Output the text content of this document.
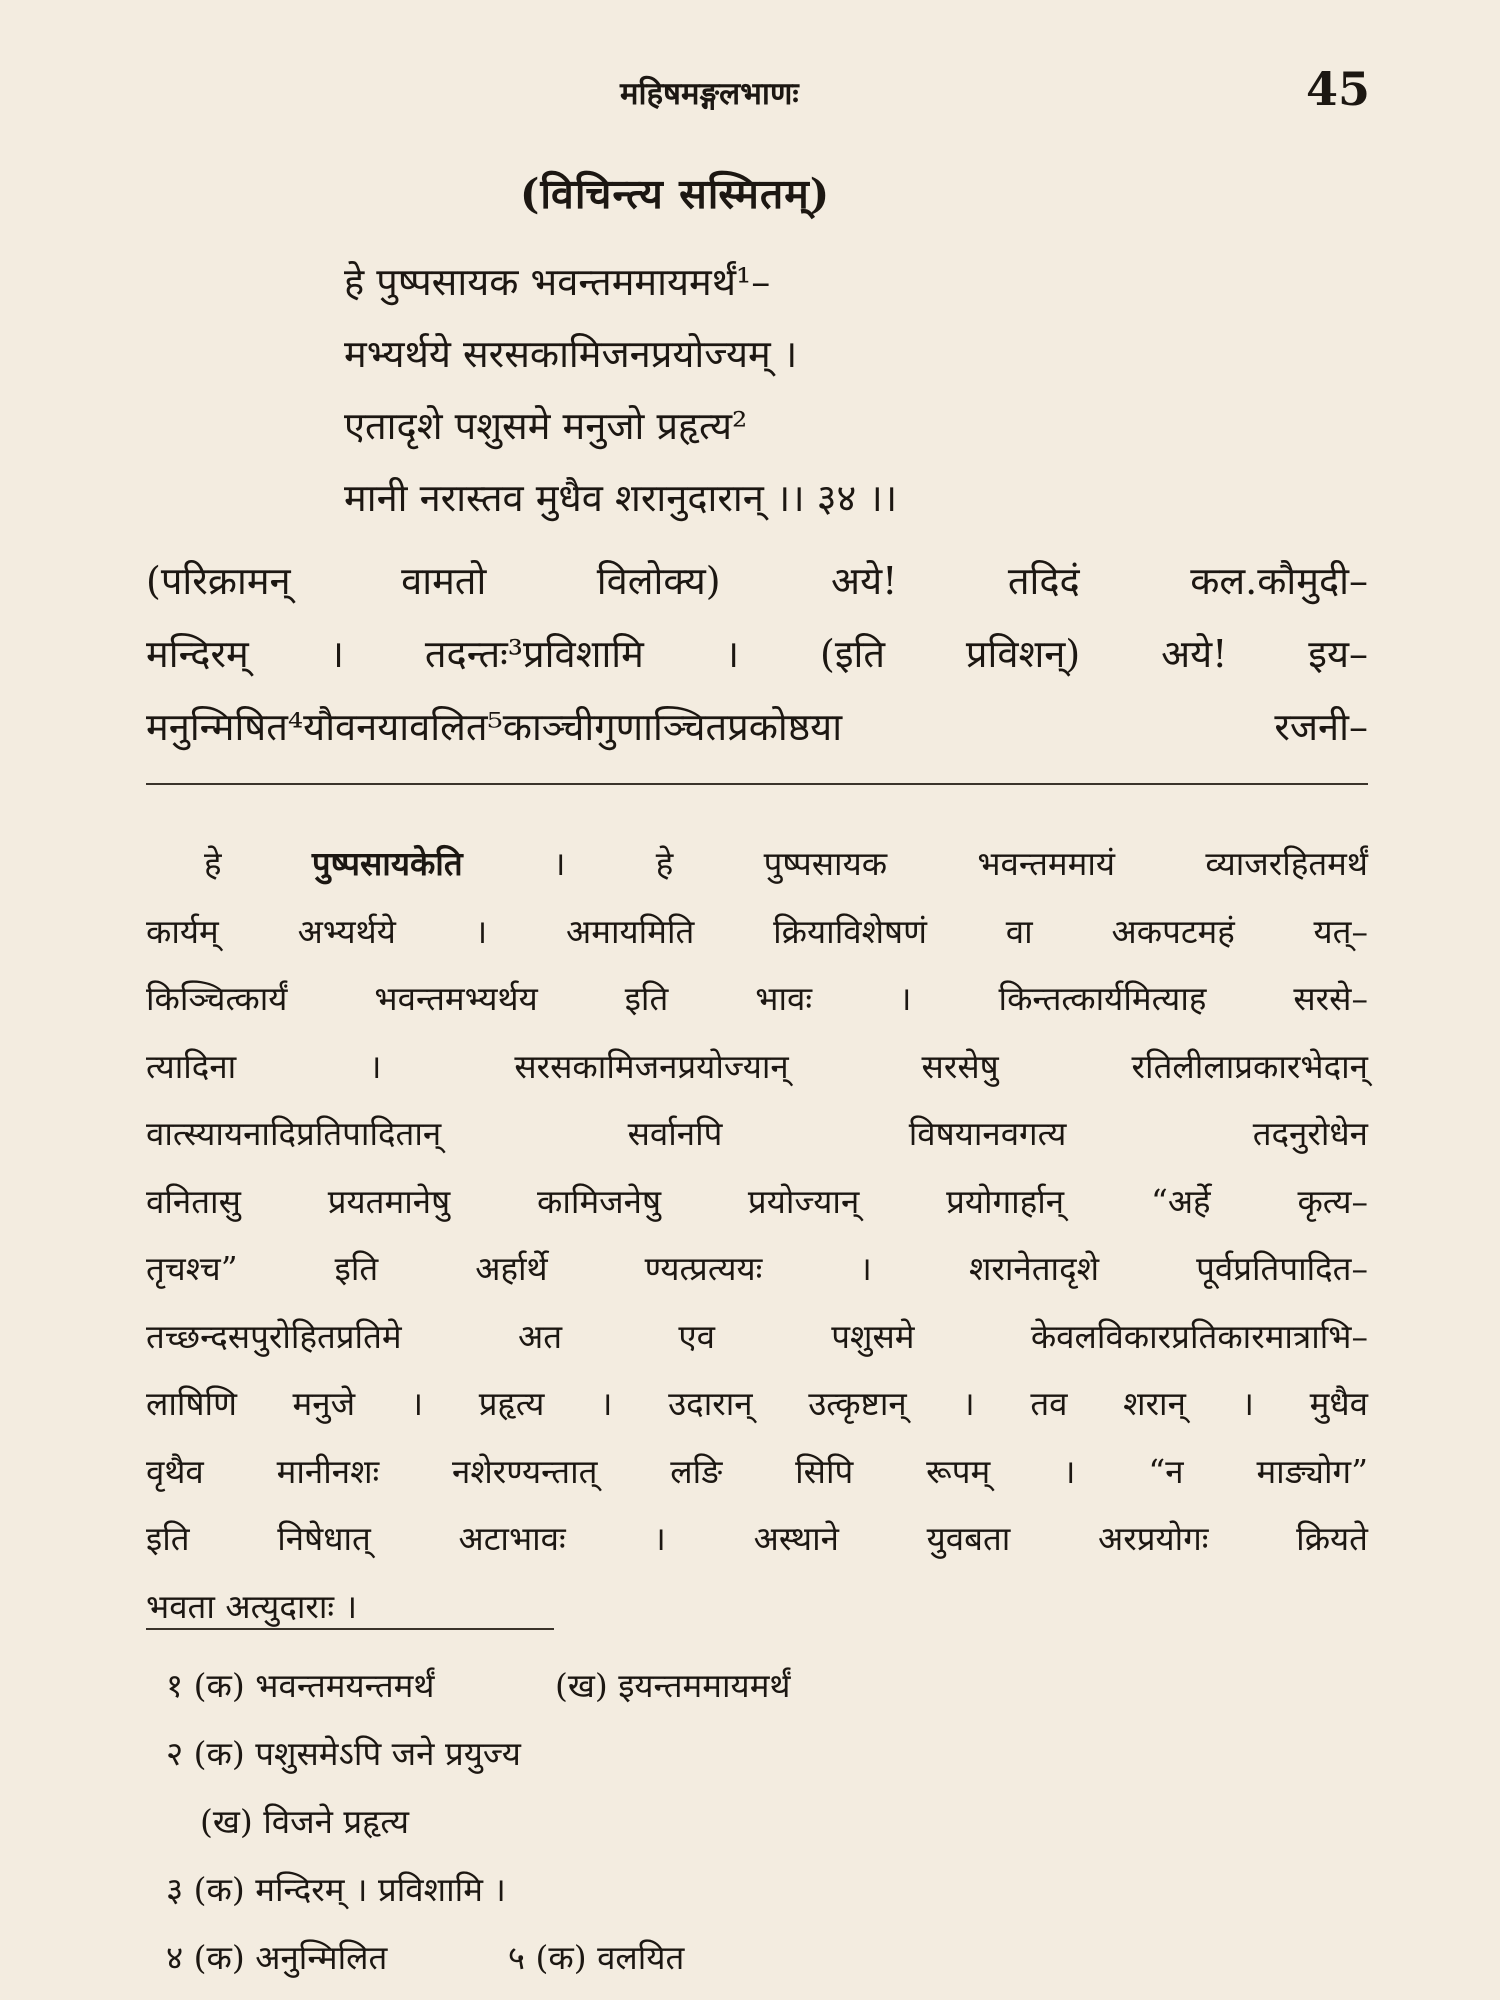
महिषमङ्गलभाणः	45
(विचिन्त्य सस्मितम्)
हे पुष्पसायक भवन्तममायमर्थं¹–
मभ्यर्थये सरसकामिजनप्रयोज्यम् ।
एतादृशे पशुसमे मनुजो प्रहृत्य²
मानी नरास्तव मुधैव शरानुदारान् ।। ३४ ।।
(परिक्रामन् वामतो विलोक्य) अये! तदिदं कल.कौमुदी–
मन्दिरम् । तदन्तः³प्रविशामि । (इति प्रविशन्) अये! इय–
मनुन्मिषित⁴यौवनयावलित⁵काञ्चीगुणाञ्चितप्रकोष्ठया रजनी–
हे	पुष्पसायकेति	। हे पुष्पसायक भवन्तममायं व्याजरहितमर्थं
कार्यम् अभ्यर्थये । अमायमिति क्रियाविशेषणं वा अकपटमहं यत्–
किञ्चित्कार्यं भवन्तमभ्यर्थय इति भावः । किन्तत्कार्यमित्याह सरसे–
त्यादिना । सरसकामिजनप्रयोज्यान् सरसेषु रतिलीलाप्रकारभेदान्
वात्स्यायनादिप्रतिपादितान् सर्वानपि विषयानवगत्य तदनुरोधेन
वनितासु प्रयतमानेषु कामिजनेषु प्रयोज्यान् प्रयोगार्हान् “अर्हे कृत्य–
तृचश्च” इति अर्हार्थे ण्यत्प्रत्ययः । शरानेतादृशे पूर्वप्रतिपादित–
तच्छन्दसपुरोहितप्रतिमे अत एव पशुसमे केवलविकारप्रतिकारमात्राभि–
लाषिणि मनुजे । प्रहृत्य । उदारान् उत्कृष्टान् । तव शरान् । मुधैव
वृथैव मानीनशः नशेरण्यन्तात् लङि सिपि रूपम् । “न माङ्योग”
इति निषेधात् अटाभावः । अस्थाने युवबता अरप्रयोगः क्रियते
भवता अत्युदाराः ।
१ (क) भवन्तमयन्तमर्थं	(ख) इयन्तममायमर्थं
२ (क) पशुसमेऽपि जने प्रयुज्य
(ख) विजने प्रहृत्य
३ (क) मन्दिरम् । प्रविशामि ।
४ (क) अनुन्मिलित	५ (क) वलयित
